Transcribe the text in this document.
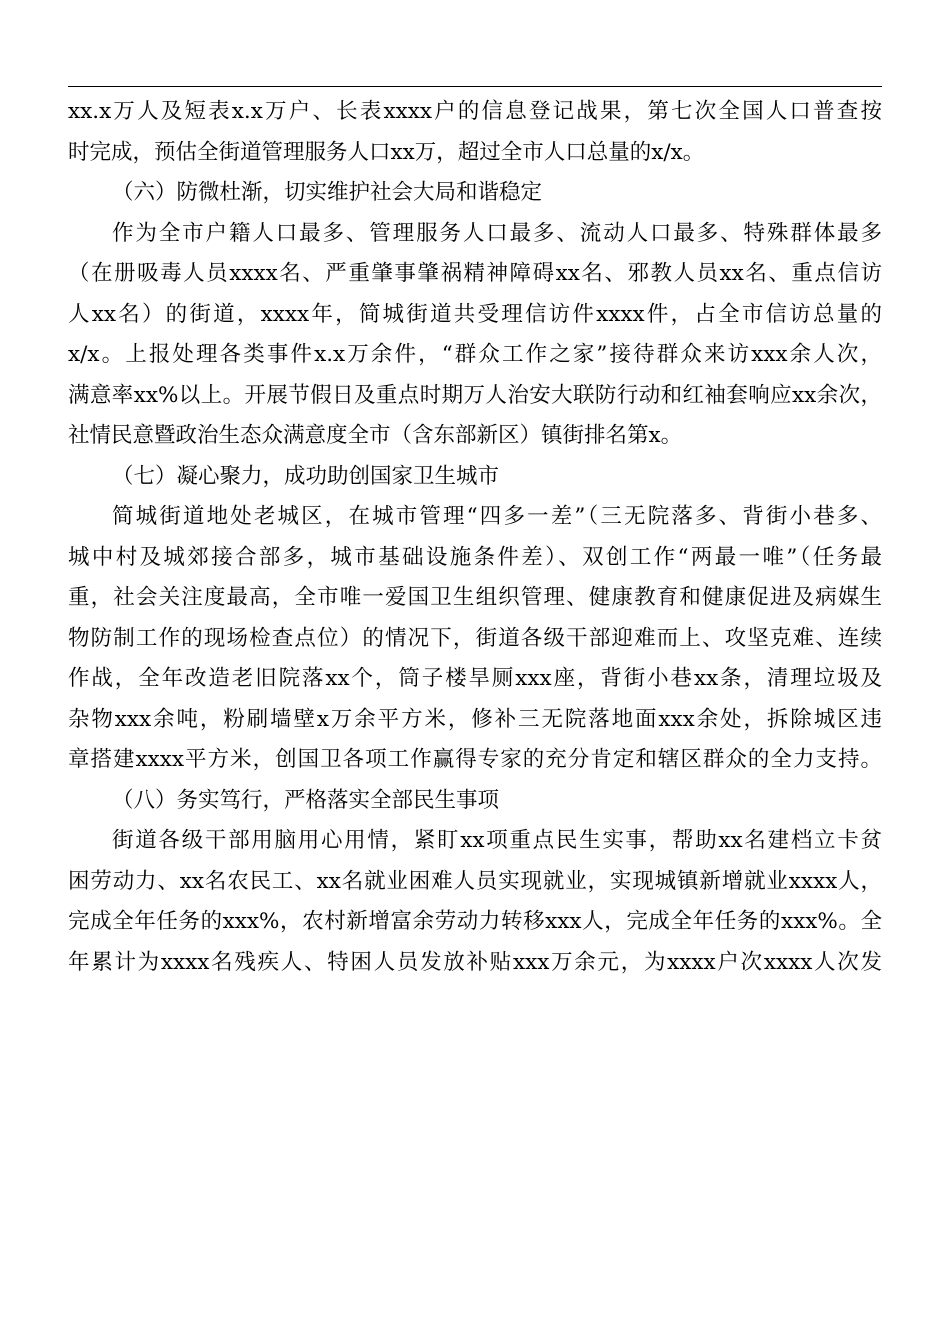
xx.x万人及短表x.x万户、长表xxxx户的信息登记战果，第七次全国人口普查按
时完成，预估全街道管理服务人口xx万，超过全市人口总量的x/x。
（六）防微杜渐，切实维护社会大局和谐稳定
作为全市户籍人口最多、管理服务人口最多、流动人口最多、特殊群体最多
（在册吸毒人员xxxx名、严重肇事肇祸精神障碍xx名、邪教人员xx名、重点信访
人xx名）的街道，xxxx年，简城街道共受理信访件xxxx件，占全市信访总量的
x/x。上报处理各类事件x.x万余件，“群众工作之家”接待群众来访xxx余人次，
满意率xx%以上。开展节假日及重点时期万人治安大联防行动和红袖套响应xx余次，
社情民意暨政治生态众满意度全市（含东部新区）镇街排名第x。
（七）凝心聚力，成功助创国家卫生城市
简城街道地处老城区，在城市管理“四多一差”（三无院落多、背街小巷多、
城中村及城郊接合部多，城市基础设施条件差）、双创工作“两最一唯”（任务最
重，社会关注度最高，全市唯一爱国卫生组织管理、健康教育和健康促进及病媒生
物防制工作的现场检查点位）的情况下，街道各级干部迎难而上、攻坚克难、连续
作战，全年改造老旧院落xx个，筒子楼旱厕xxx座，背街小巷xx条，清理垃圾及
杂物xxx余吨，粉刷墙壁x万余平方米，修补三无院落地面xxx余处，拆除城区违
章搭建xxxx平方米，创国卫各项工作赢得专家的充分肯定和辖区群众的全力支持。
（八）务实笃行，严格落实全部民生事项
街道各级干部用脑用心用情，紧盯xx项重点民生实事，帮助xx名建档立卡贫
困劳动力、xx名农民工、xx名就业困难人员实现就业，实现城镇新增就业xxxx人，
完成全年任务的xxx%，农村新增富余劳动力转移xxx人，完成全年任务的xxx%。全
年累计为xxxx名残疾人、特困人员发放补贴xxx万余元，为xxxx户次xxxx人次发
